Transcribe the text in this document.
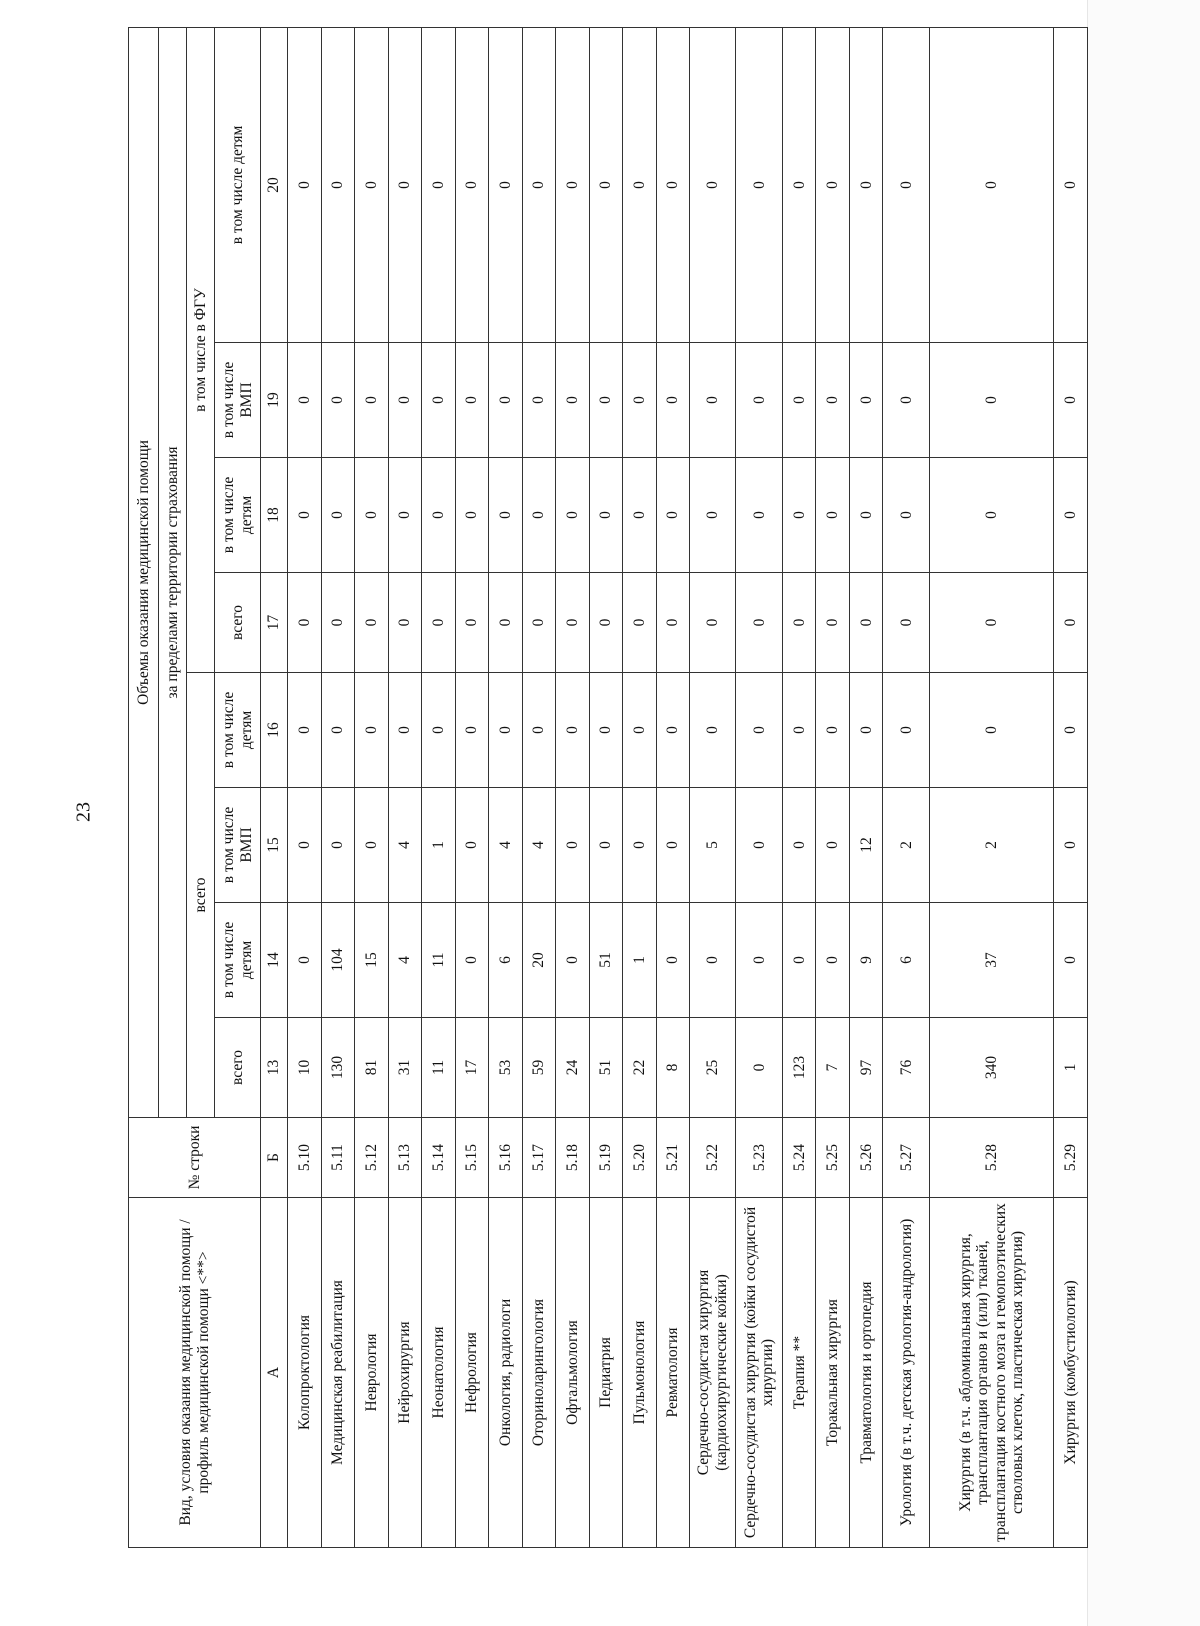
23
Вид, условия оказания медицинской помощи / профиль медицинской помощи <**>	№ строки	Объемы оказания медицинской помощи							
		за пределами территории страхования							
		всего				в том числе в ФГУ			
		всего	в том числе детям	в том числе ВМП	в том числе детям	всего	в том числе детям	в том числе ВМП	в том числе детям
А	Б	13	14	15	16	17	18	19	20
Колопроктология	5.10	10	0	0	0	0	0	0	0
Медицинская реабилитация	5.11	130	104	0	0	0	0	0	0
Неврология	5.12	81	15	0	0	0	0	0	0
Нейрохирургия	5.13	31	4	4	0	0	0	0	0
Неонатология	5.14	11	11	1	0	0	0	0	0
Нефрология	5.15	17	0	0	0	0	0	0	0
Онкология, радиологи	5.16	53	6	4	0	0	0	0	0
Оториноларингология	5.17	59	20	4	0	0	0	0	0
Офтальмология	5.18	24	0	0	0	0	0	0	0
Педиатрия	5.19	51	51	0	0	0	0	0	0
Пульмонология	5.20	22	1	0	0	0	0	0	0
Ревматология	5.21	8	0	0	0	0	0	0	0
Сердечно-сосудистая хирургия (кардиохирургические койки)	5.22	25	0	5	0	0	0	0	0
Сердечно-сосудистая хирургия (койки сосудистой хирургии)	5.23	0	0	0	0	0	0	0	0
Терапия **	5.24	123	0	0	0	0	0	0	0
Торакальная хирургия	5.25	7	0	0	0	0	0	0	0
Травматология и ортопедия	5.26	97	9	12	0	0	0	0	0
Урология (в т.ч. детская урология-андрология)	5.27	76	6	2	0	0	0	0	0
Хирургия (в т.ч. абдоминальная хирургия, трансплантация органов и (или) тканей, трансплантация костного мозга и гемопоэтических стволовых клеток, пластическая хирургия)	5.28	340	37	2	0	0	0	0	0
Хирургия (комбустиология)	5.29	1	0	0	0	0	0	0	0
